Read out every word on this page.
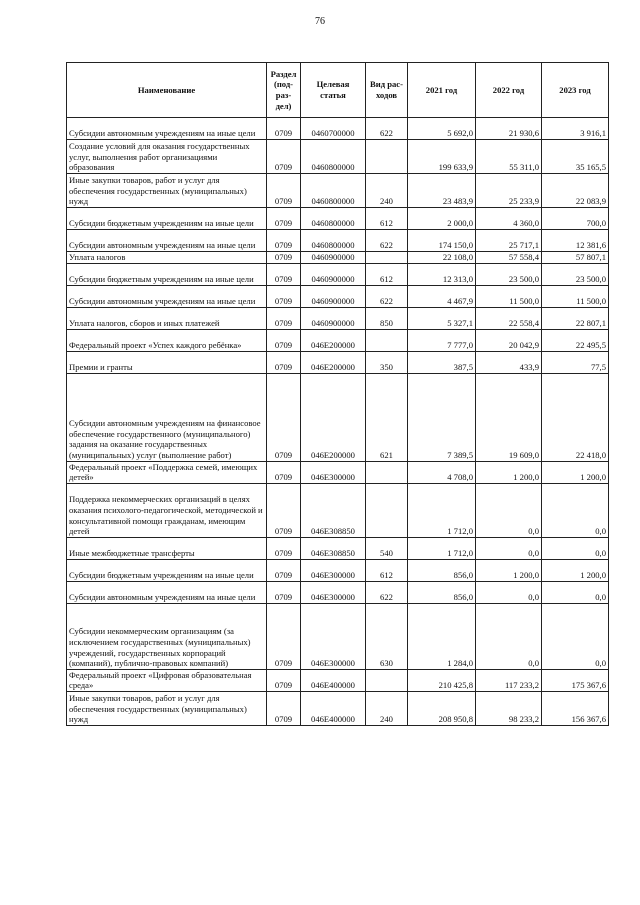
76
Наименование	Раздел (под-раз-дел)	Целевая статья	Вид рас-ходов	2021 год	2022 год	2023 год
Субсидии автономным учреждениям на иные цели	0709	0460700000	622	5 692,0	21 930,6	3 916,1
Создание условий для оказания государственных услуг, выполнения работ организациями образования	0709	0460800000		199 633,9	55 311,0	35 165,5
Иные закупки товаров, работ и услуг для обеспечения государственных (муниципальных) нужд	0709	0460800000	240	23 483,9	25 233,9	22 083,9
Субсидии бюджетным учреждениям на иные цели	0709	0460800000	612	2 000,0	4 360,0	700,0
Субсидии автономным учреждениям на иные цели	0709	0460800000	622	174 150,0	25 717,1	12 381,6
Уплата налогов	0709	0460900000		22 108,0	57 558,4	57 807,1
Субсидии бюджетным учреждениям на иные цели	0709	0460900000	612	12 313,0	23 500,0	23 500,0
Субсидии автономным учреждениям на иные цели	0709	0460900000	622	4 467,9	11 500,0	11 500,0
Уплата налогов, сборов и иных платежей	0709	0460900000	850	5 327,1	22 558,4	22 807,1
Федеральный проект «Успех каждого ребёнка»	0709	046E200000		7 777,0	20 042,9	22 495,5
Премии и гранты	0709	046E200000	350	387,5	433,9	77,5
Субсидии автономным учреждениям на финансовое обеспечение государственного (муниципального) задания на оказание государственных (муниципальных) услуг (выполнение работ)	0709	046E200000	621	7 389,5	19 609,0	22 418,0
Федеральный проект «Поддержка семей, имеющих детей»	0709	046E300000		4 708,0	1 200,0	1 200,0
Поддержка некоммерческих организаций в целях оказания психолого-педагогической, методической и консультативной помощи гражданам, имеющим детей	0709	046E308850		1 712,0	0,0	0,0
Иные межбюджетные трансферты	0709	046E308850	540	1 712,0	0,0	0,0
Субсидии бюджетным учреждениям на иные цели	0709	046E300000	612	856,0	1 200,0	1 200,0
Субсидии автономным учреждениям на иные цели	0709	046E300000	622	856,0	0,0	0,0
Субсидии некоммерческим организациям (за исключением государственных (муниципальных) учреждений, государственных корпораций (компаний), публично-правовых компаний)	0709	046E300000	630	1 284,0	0,0	0,0
Федеральный проект «Цифровая образовательная среда»	0709	046E400000		210 425,8	117 233,2	175 367,6
Иные закупки товаров, работ и услуг для обеспечения государственных (муниципальных) нужд	0709	046E400000	240	208 950,8	98 233,2	156 367,6
